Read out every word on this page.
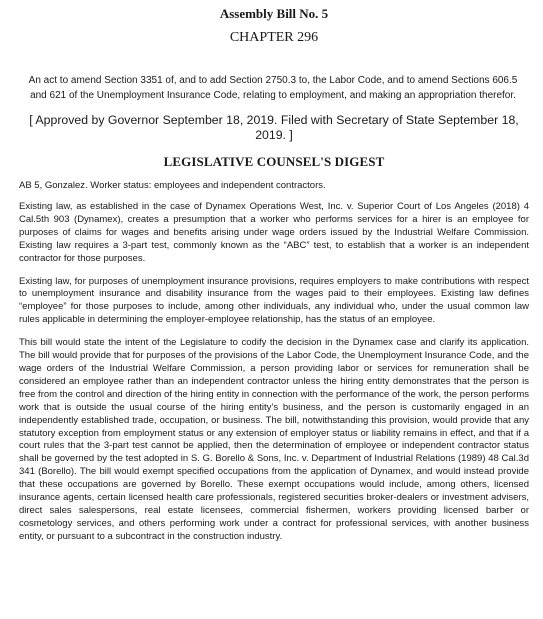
Assembly Bill No. 5
CHAPTER 296

An act to amend Section 3351 of, and to add Section 2750.3 to, the Labor Code, and to amend Sections 606.5 and 621 of the Unemployment Insurance Code, relating to employment, and making an appropriation therefor.

[ Approved by Governor September 18, 2019. Filed with Secretary of State September 18, 2019. ]

LEGISLATIVE COUNSEL'S DIGEST

AB 5, Gonzalez. Worker status: employees and independent contractors.

Existing law, as established in the case of Dynamex Operations West, Inc. v. Superior Court of Los Angeles (2018) 4 Cal.5th 903 (Dynamex), creates a presumption that a worker who performs services for a hirer is an employee for purposes of claims for wages and benefits arising under wage orders issued by the Industrial Welfare Commission. Existing law requires a 3-part test, commonly known as the “ABC” test, to establish that a worker is an independent contractor for those purposes.

Existing law, for purposes of unemployment insurance provisions, requires employers to make contributions with respect to unemployment insurance and disability insurance from the wages paid to their employees. Existing law defines “employee” for those purposes to include, among other individuals, any individual who, under the usual common law rules applicable in determining the employer-employee relationship, has the status of an employee.

This bill would state the intent of the Legislature to codify the decision in the Dynamex case and clarify its application. The bill would provide that for purposes of the provisions of the Labor Code, the Unemployment Insurance Code, and the wage orders of the Industrial Welfare Commission, a person providing labor or services for remuneration shall be considered an employee rather than an independent contractor unless the hiring entity demonstrates that the person is free from the control and direction of the hiring entity in connection with the performance of the work, the person performs work that is outside the usual course of the hiring entity’s business, and the person is customarily engaged in an independently established trade, occupation, or business. The bill, notwithstanding this provision, would provide that any statutory exception from employment status or any extension of employer status or liability remains in effect, and that if a court rules that the 3-part test cannot be applied, then the determination of employee or independent contractor status shall be governed by the test adopted in S. G. Borello & Sons, Inc. v. Department of Industrial Relations (1989) 48 Cal.3d 341 (Borello). The bill would exempt specified occupations from the application of Dynamex, and would instead provide that these occupations are governed by Borello. These exempt occupations would include, among others, licensed insurance agents, certain licensed health care professionals, registered securities broker-dealers or investment advisers, direct sales salespersons, real estate licensees, commercial fishermen, workers providing licensed barber or cosmetology services, and others performing work under a contract for professional services, with another business entity, or pursuant to a subcontract in the construction industry.
